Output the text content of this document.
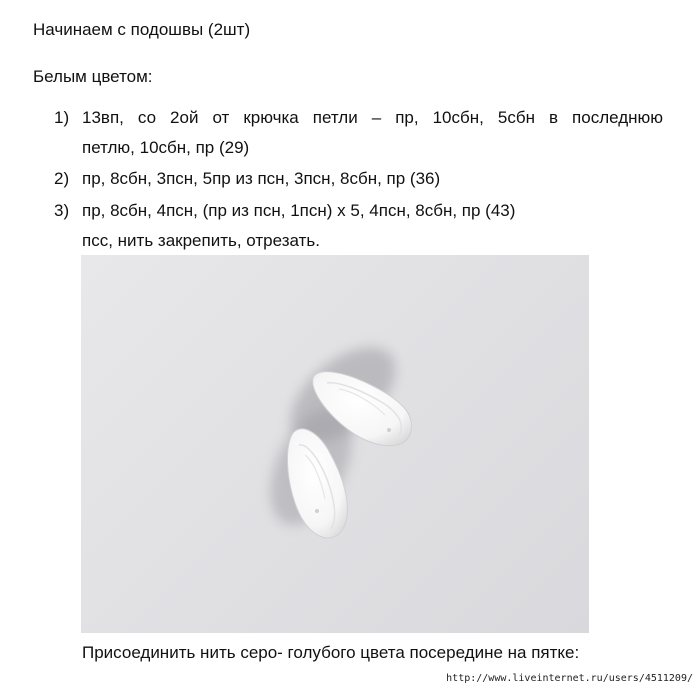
Начинаем с подошвы (2шт)
Белым цветом:
1) 13вп, со 2ой от крючка петли – пр, 10сбн, 5сбн в последнюю
петлю, 10сбн, пр (29)
2) пр, 8сбн, 3псн, 5пр из псн, 3псн, 8сбн, пр (36)
3) пр, 8сбн, 4псн, (пр из псн, 1псн) х 5, 4псн, 8сбн, пр (43)
псс, нить закрепить, отрезать.
Присоединить нить серо- голубого цвета посередине на пятке:
http://www.liveinternet.ru/users/4511209/
